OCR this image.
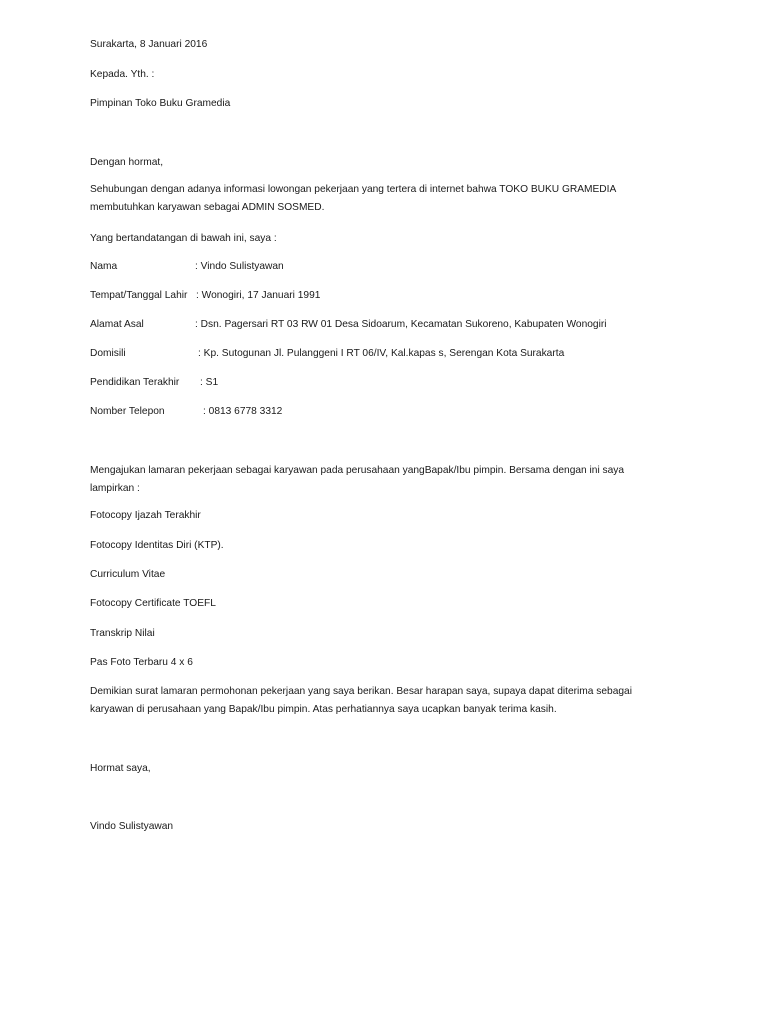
Surakarta, 8 Januari 2016
Kepada. Yth. :
Pimpinan Toko Buku Gramedia
Dengan hormat,
Sehubungan dengan adanya informasi lowongan pekerjaan yang tertera di internet bahwa TOKO BUKU GRAMEDIA membutuhkan karyawan sebagai ADMIN SOSMED.
Yang bertandatangan di bawah ini, saya :
Nama	: Vindo Sulistyawan
Tempat/Tanggal Lahir : Wonogiri, 17 Januari 1991
Alamat Asal	: Dsn. Pagersari RT 03 RW 01 Desa Sidoarum, Kecamatan Sukoreno, Kabupaten Wonogiri
Domisili	: Kp. Sutogunan Jl. Pulanggeni I RT 06/IV, Kal.kapas s, Serengan Kota Surakarta
Pendidikan Terakhir : S1
Nomber Telepon	: 0813 6778 3312
Mengajukan lamaran pekerjaan sebagai karyawan pada perusahaan yangBapak/Ibu pimpin. Bersama dengan ini saya lampirkan :
Fotocopy Ijazah Terakhir
Fotocopy Identitas Diri (KTP).
Curriculum Vitae
Fotocopy Certificate TOEFL
Transkrip Nilai
Pas Foto Terbaru 4 x 6
Demikian surat lamaran permohonan pekerjaan yang saya berikan. Besar harapan saya, supaya dapat diterima sebagai karyawan di perusahaan yang Bapak/Ibu pimpin. Atas perhatiannya saya ucapkan banyak terima kasih.
Hormat saya,
Vindo Sulistyawan
